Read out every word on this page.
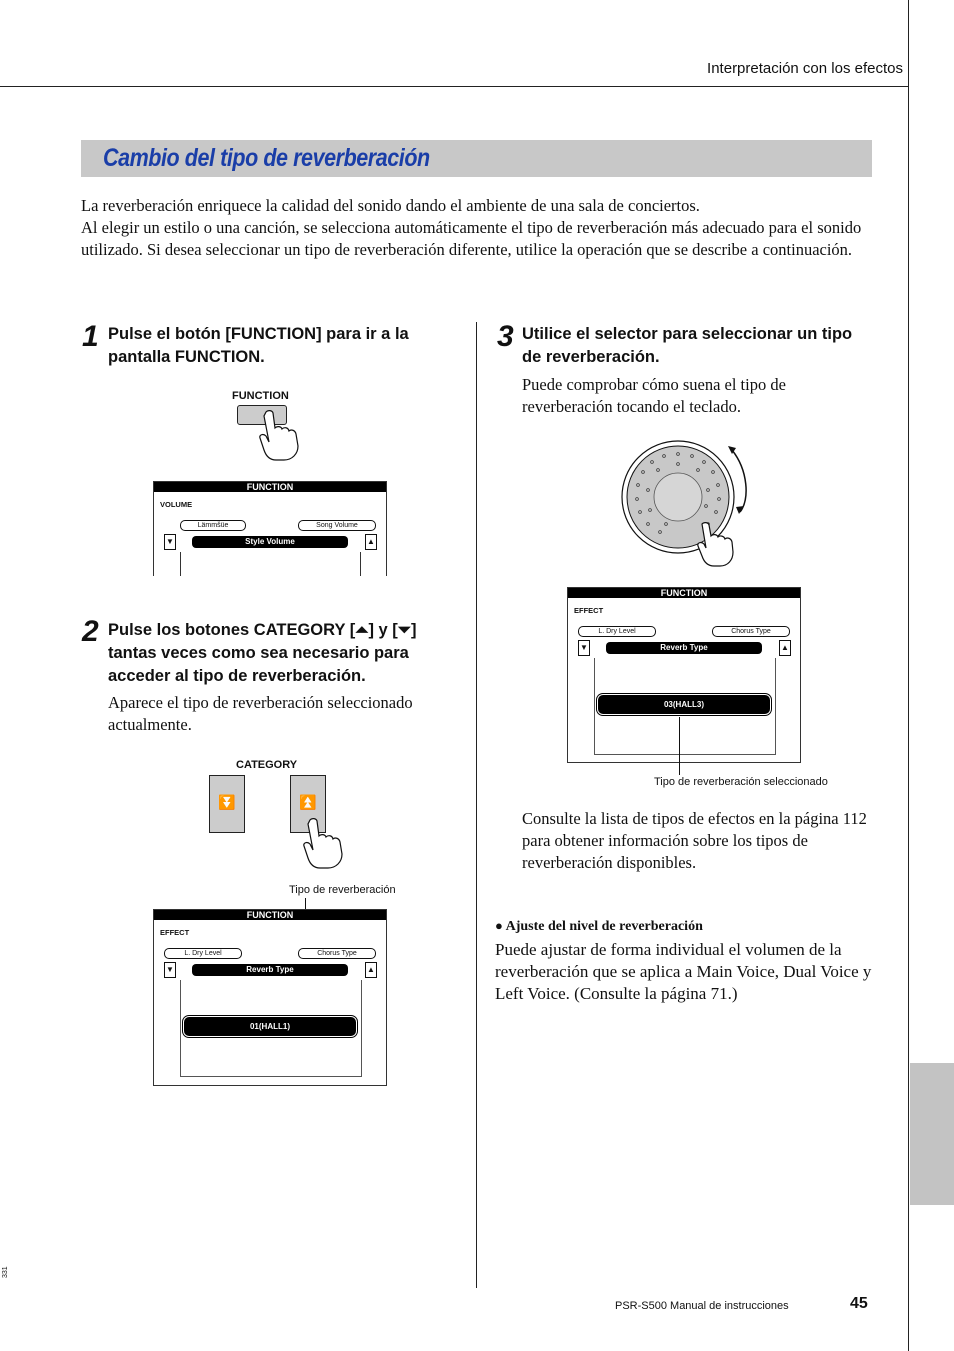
Interpretación con los efectos
Cambio del tipo de reverberación

La reverberación enriquece la calidad del sonido dando el ambiente de una sala de conciertos.

Al elegir un estilo o una canción, se selecciona automáticamente el tipo de reverberación más adecuado para el sonido utilizado. Si desea seleccionar un tipo de reverberación diferente, utilice la operación que se describe a continuación.

1 Pulse el botón [FUNCTION] para ir a la pantalla FUNCTION.
FUNCTION
FUNCTION
VOLUME
Lämmšüe	Song Volume
▼	▲
Style Volume
2 Pulse los botones CATEGORY [⏶] y [⏷] tantas veces como sea necesario para acceder al tipo de reverberación.
Aparece el tipo de reverberación seleccionado actualmente.
CATEGORY
⏬	⏫
Tipo de reverberación
FUNCTION
EFFECT
L. Dry Level	Chorus Type
▼	▲
Reverb Type
01(HALL1)
3 Utilice el selector para seleccionar un tipo de reverberación.
Puede comprobar cómo suena el tipo de reverberación tocando el teclado.
FUNCTION
EFFECT
L. Dry Level	Chorus Type
▼	▲
Reverb Type
03(HALL3)
Tipo de reverberación seleccionado
Consulte la lista de tipos de efectos en la página 112 para obtener información sobre los tipos de reverberación disponibles.
● Ajuste del nivel de reverberación
Puede ajustar de forma individual el volumen de la reverberación que se aplica a Main Voice, Dual Voice y Left Voice. (Consulte la página 71.)
331
PSR-S500 Manual de instrucciones	45
